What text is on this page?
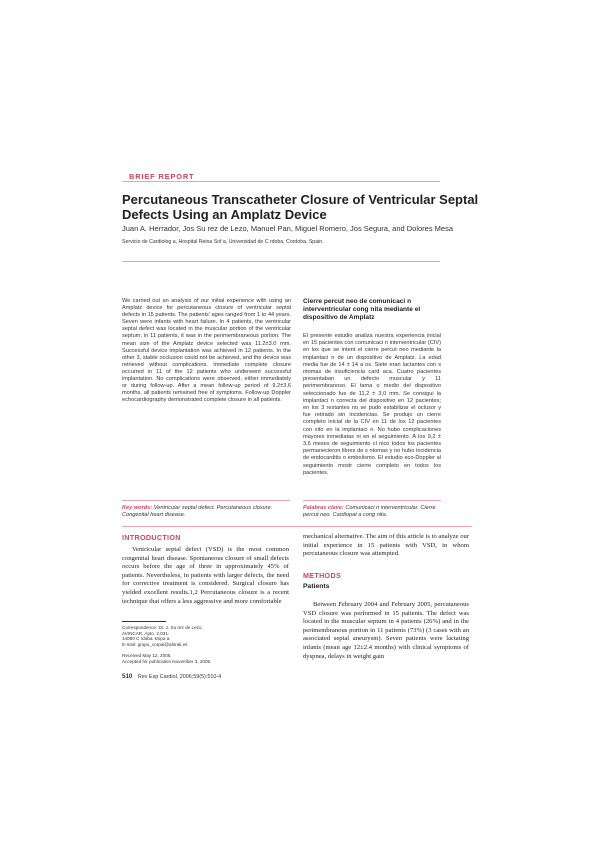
BRIEF REPORT
Percutaneous Transcatheter Closure of Ventricular Septal Defects Using an Amplatz Device
Juan A. Herrador, Jos Su rez de Lezo, Manuel Pan, Miguel Romero, Jos Segura, and Dolores Mesa
Servicio de Cardiolog a, Hospital Reina Sof a, Universidad de C rdoba, Cordoba, Spain.
We carried out an analysis of our initial experience with using an Amplatz device for percutaneous closure of ventricular septal defects in 15 patients. The patients' ages ranged from 1 to 44 years. Seven were infants with heart failure. In 4 patients, the ventricular septal defect was located in the muscular portion of the ventricular septum; in 11 patients, it was in the perimembraneous portion. The mean size of the Amplatz device selected was 11.2±3.0 mm. Successful device implantation was achieved in 12 patients. In the other 3, stable occlusion could not be achieved, and the device was retrieved without complications. Immediate complete closure occurred in 11 of the 12 patients who underwent successful implantation. No complications were observed, either immediately or during follow-up. After a mean follow-up period of 9.2±3.6 months, all patients remained free of symptoms. Follow-up Doppler echocardiography demonstrated complete closure in all patients.
Key words: Ventricular septal defect. Percutaneous closure. Congenital heart disease.
Cierre percut neo de comunicaci n interventricular cong nita mediante el dispositivo de Amplatz
El presente estudio analiza nuestra experiencia inicial en 15 pacientes con comunicaci n interventricular (CIV) en los que se intent el cierre percut neo mediante la implantaci n de un dispositivo de Amplatz. La edad media fue de 14 ± 14 a os. Siete eran lactantes con s ntomas de insuficiencia card aca. Cuatro pacientes presentaban un defecto muscular y 11 perimembranoso. El tama o medio del dispositivo seleccionado fue de 11,2 ± 3,0 mm. Se consigui la implantaci n correcta del dispositivo en 12 pacientes; en los 3 restantes no se pudo estabilizar el oclusor y fue retirado sin incidencias. Se produjo un cierre completo inicial de la CIV en 11 de los 12 pacientes con xito en la implantaci n. No hubo complicaciones mayores inmediatas ni en el seguimiento. A los 9,2 ± 3,6 meses de seguimiento cl nico todos los pacientes permanecieron libres de s ntomas y no hubo incidencia de endocarditis o embolismo. El estudio eco-Doppler al seguimiento mostr cierre completo en todos los pacientes.
Palabras clave: Comunicaci n interventricular. Cierre percut neo. Cardiopat a cong nita.
INTRODUCTION
Ventricular septal defect (VSD) is the most common congenital heart disease. Spontaneous closure of small defects occurs before the age of three in approximately 45% of patients. Nevertheless, in patients with larger defects, the need for corrective treatment is considered. Surgical closure has yielded excellent results.1,2 Percutaneous closure is a recent technique that offers a less aggressive and more comfortable
Correspondence: Dr. J. Su rez de Lezo.
AVINCAR, Apto. 2.031.
14080 C rdoba. Espa a.
E-mail: grupo_corpal@ahirali.es
Received May 12, 2005.
Accepted for publication November 3, 2005.
510 Rev Esp Cardiol. 2006;59(5):510-4
mechanical alternative. The aim of this article is to analyze our initial experience in 15 patients with VSD, in whom percutaneous closure was attempted.
METHODS
Patients
Between February 2004 and February 2005, percutaneous VSD closure was performed in 15 patients. The defect was located in the muscular septum in 4 patients (26%) and in the perimembranous portion in 11 patients (73%) (3 cases with an associated septal aneurysm). Seven patients were lactating infants (mean age 12±2.4 months) with clinical symptoms of dyspnea, delays in weight gain
